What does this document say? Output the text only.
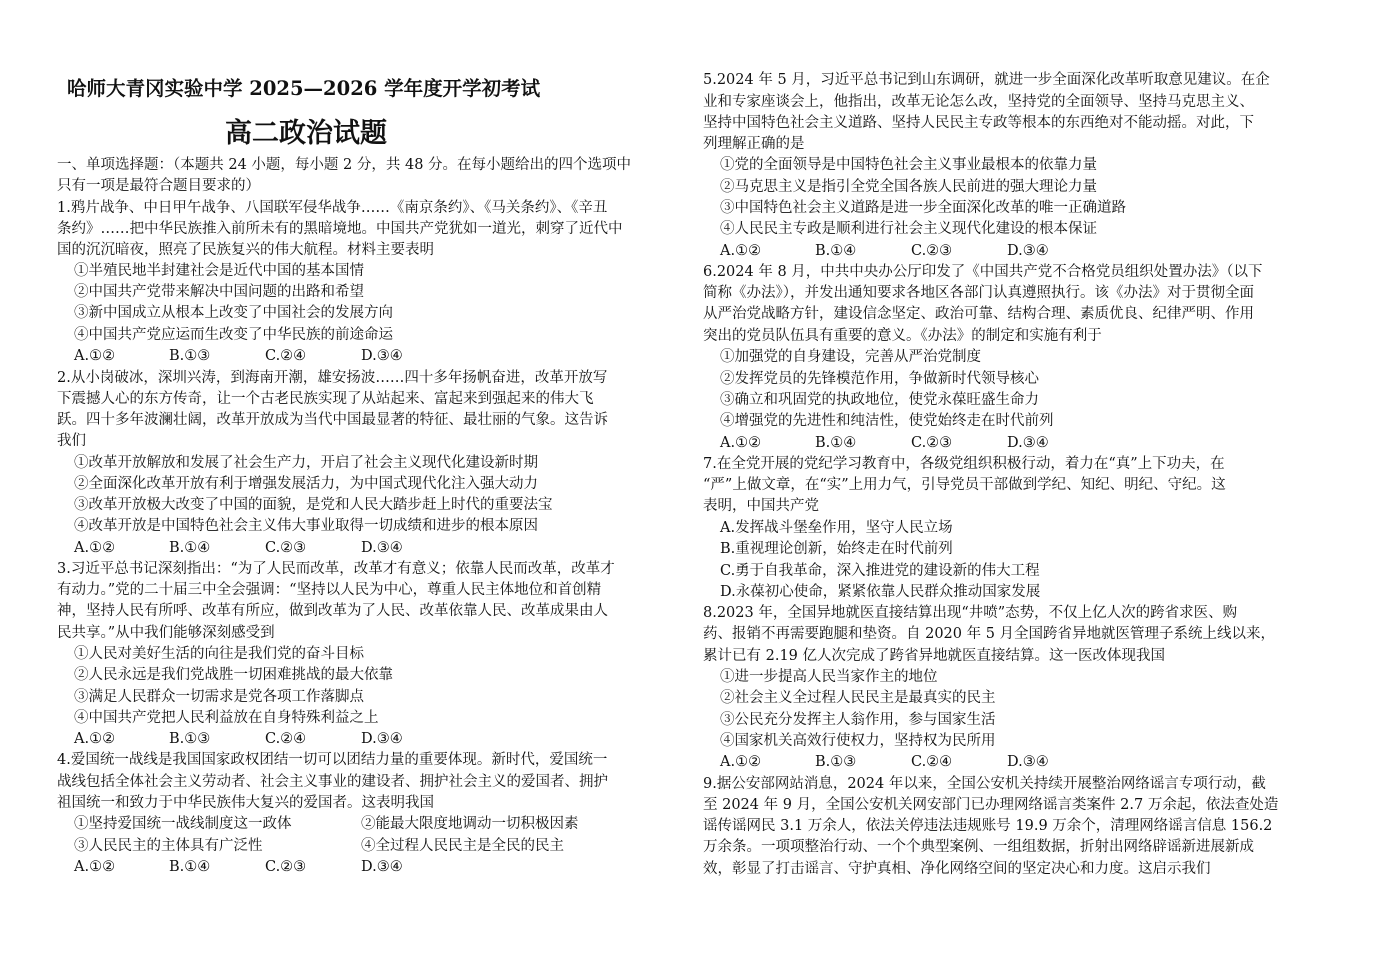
哈师大青冈实验中学 2025—2026 学年度开学初考试
高二政治试题
一、单项选择题：（本题共 24 小题，每小题 2 分，共 48 分。在每小题给出的四个选项中
只有一项是最符合题目要求的）
1.鸦片战争、中日甲午战争、八国联军侵华战争……《南京条约》、《马关条约》、《辛丑
条约》……把中华民族推入前所未有的黑暗境地。中国共产党犹如一道光，刺穿了近代中
国的沉沉暗夜，照亮了民族复兴的伟大航程。材料主要表明
①半殖民地半封建社会是近代中国的基本国情
②中国共产党带来解决中国问题的出路和希望
③新中国成立从根本上改变了中国社会的发展方向
④中国共产党应运而生改变了中华民族的前途命运
A.①②	B.①③	C.②④	D.③④
2.从小岗破冰，深圳兴涛，到海南开潮，雄安扬波……四十多年扬帆奋进，改革开放写
下震撼人心的东方传奇，让一个古老民族实现了从站起来、富起来到强起来的伟大飞
跃。四十多年波澜壮阔，改革开放成为当代中国最显著的特征、最壮丽的气象。这告诉
我们
①改革开放解放和发展了社会生产力，开启了社会主义现代化建设新时期
②全面深化改革开放有利于增强发展活力，为中国式现代化注入强大动力
③改革开放极大改变了中国的面貌，是党和人民大踏步赶上时代的重要法宝
④改革开放是中国特色社会主义伟大事业取得一切成绩和进步的根本原因
A.①②	B.①④	C.②③	D.③④
3.习近平总书记深刻指出：“为了人民而改革，改革才有意义；依靠人民而改革，改革才
有动力。”党的二十届三中全会强调：“坚持以人民为中心，尊重人民主体地位和首创精
神，坚持人民有所呼、改革有所应，做到改革为了人民、改革依靠人民、改革成果由人
民共享。”从中我们能够深刻感受到
①人民对美好生活的向往是我们党的奋斗目标
②人民永远是我们党战胜一切困难挑战的最大依靠
③满足人民群众一切需求是党各项工作落脚点
④中国共产党把人民利益放在自身特殊利益之上
A.①②	B.①③	C.②④	D.③④
4.爱国统一战线是我国国家政权团结一切可以团结力量的重要体现。新时代，爱国统一
战线包括全体社会主义劳动者、社会主义事业的建设者、拥护社会主义的爱国者、拥护
祖国统一和致力于中华民族伟大复兴的爱国者。这表明我国
①坚持爱国统一战线制度这一政体	②能最大限度地调动一切积极因素
③人民民主的主体具有广泛性	④全过程人民民主是全民的民主
A.①②	B.①④	C.②③	D.③④
5.2024 年 5 月，习近平总书记到山东调研，就进一步全面深化改革听取意见建议。在企
业和专家座谈会上，他指出，改革无论怎么改，坚持党的全面领导、坚持马克思主义、
坚持中国特色社会主义道路、坚持人民民主专政等根本的东西绝对不能动摇。对此，下
列理解正确的是
①党的全面领导是中国特色社会主义事业最根本的依靠力量
②马克思主义是指引全党全国各族人民前进的强大理论力量
③中国特色社会主义道路是进一步全面深化改革的唯一正确道路
④人民民主专政是顺利进行社会主义现代化建设的根本保证
A.①②	B.①④	C.②③	D.③④
6.2024 年 8 月，中共中央办公厅印发了《中国共产党不合格党员组织处置办法》（以下
简称《办法》），并发出通知要求各地区各部门认真遵照执行。该《办法》对于贯彻全面
从严治党战略方针，建设信念坚定、政治可靠、结构合理、素质优良、纪律严明、作用
突出的党员队伍具有重要的意义。《办法》的制定和实施有利于
①加强党的自身建设，完善从严治党制度
②发挥党员的先锋模范作用，争做新时代领导核心
③确立和巩固党的执政地位，使党永葆旺盛生命力
④增强党的先进性和纯洁性，使党始终走在时代前列
A.①②	B.①④	C.②③	D.③④
7.在全党开展的党纪学习教育中，各级党组织积极行动，着力在“真”上下功夫，在
“严”上做文章，在“实”上用力气，引导党员干部做到学纪、知纪、明纪、守纪。这
表明，中国共产党
A.发挥战斗堡垒作用，坚守人民立场
B.重视理论创新，始终走在时代前列
C.勇于自我革命，深入推进党的建设新的伟大工程
D.永葆初心使命，紧紧依靠人民群众推动国家发展
8.2023 年，全国异地就医直接结算出现“井喷”态势，不仅上亿人次的跨省求医、购
药、报销不再需要跑腿和垫资。自 2020 年 5 月全国跨省异地就医管理子系统上线以来，
累计已有 2.19 亿人次完成了跨省异地就医直接结算。这一医改体现我国
①进一步提高人民当家作主的地位
②社会主义全过程人民民主是最真实的民主
③公民充分发挥主人翁作用，参与国家生活
④国家机关高效行使权力，坚持权为民所用
A.①②	B.①③	C.②④	D.③④
9.据公安部网站消息，2024 年以来，全国公安机关持续开展整治网络谣言专项行动，截
至 2024 年 9 月，全国公安机关网安部门已办理网络谣言类案件 2.7 万余起，依法查处造
谣传谣网民 3.1 万余人，依法关停违法违规账号 19.9 万余个，清理网络谣言信息 156.2
万余条。一项项整治行动、一个个典型案例、一组组数据，折射出网络辟谣新进展新成
效，彰显了打击谣言、守护真相、净化网络空间的坚定决心和力度。这启示我们
